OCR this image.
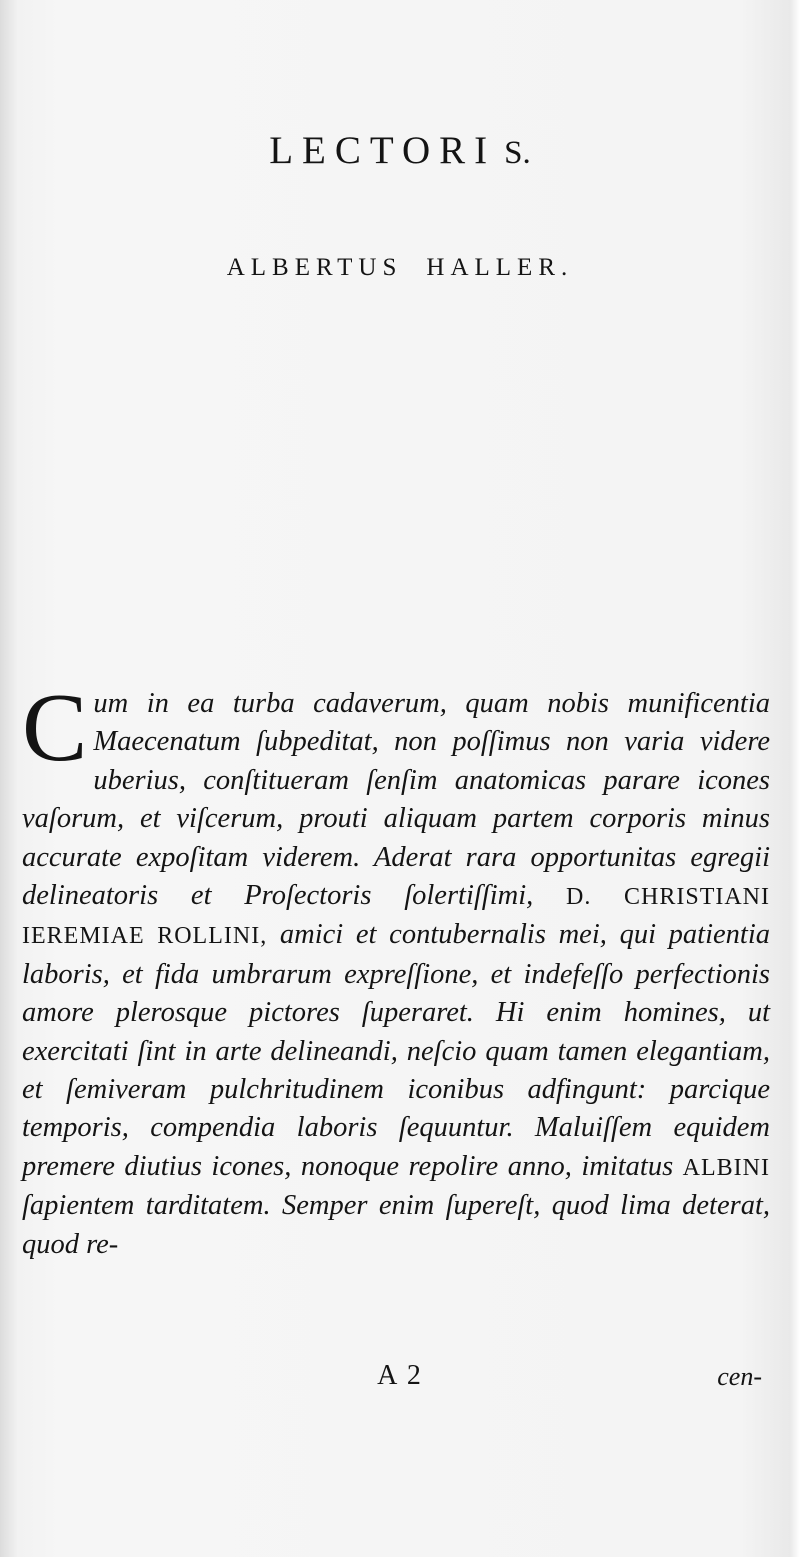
LECTORI S.
ALBERTUS HALLER.

Cum in ea turba cadaverum, quam nobis munificentia Maecenatum ſubpeditat, non poſſimus non varia videre uberius, conſtitueram ſenſim anatomicas parare icones vaſorum, et viſcerum, prouti aliquam partem corporis minus accurate expoſitam viderem. Aderat rara opportunitas egregii delineatoris et Proſectoris ſolertiſſimi, D. CHRISTIANI IEREMIAE ROLLINI, amici et contubernalis mei, qui patientia laboris, et fida umbrarum expreſſione, et indefeſſo perfectionis amore plerosque pictores ſuperaret. Hi enim homines, ut exercitati ſint in arte delineandi, neſcio quam tamen elegantiam, et ſemiveram pulchritudinem iconibus adfingunt: parcique temporis, compendia laboris ſequuntur. Maluiſſem equidem premere diutius icones, nonoque repolire anno, imitatus ALBINI ſapientem tarditatem. Semper enim ſupereſt, quod lima deterat, quod re-

A 2	cen-
